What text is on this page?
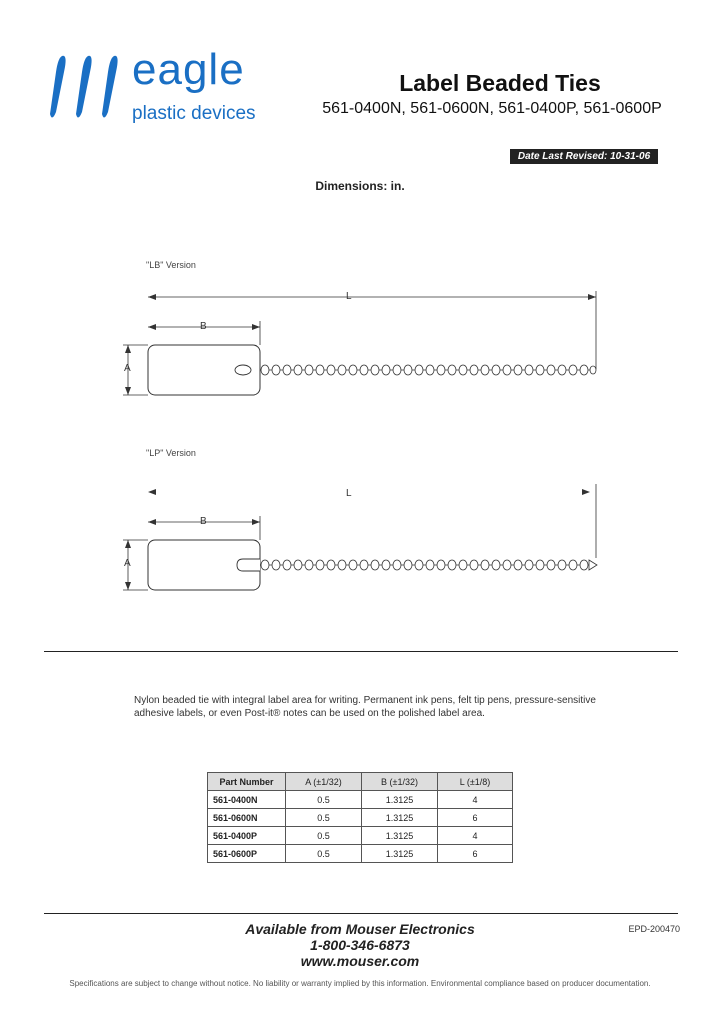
eagle
plastic devices
Label Beaded Ties
561-0400N, 561-0600N, 561-0400P, 561-0600P
Date Last Revised: 10-31-06
Dimensions: in.
"LB" Version
L
B
A
"LP" Version
L
B
A
Nylon beaded tie with integral label area for writing. Permanent ink pens, felt tip pens, pressure-sensitive adhesive labels, or even Post-it® notes can be used on the polished label area.
Part Number	A (±1/32)	B (±1/32)	L (±1/8)
561-0400N	0.5	1.3125	4
561-0600N	0.5	1.3125	6
561-0400P	0.5	1.3125	4
561-0600P	0.5	1.3125	6
Available from Mouser Electronics
1-800-346-6873
www.mouser.com
EPD-200470
Specifications are subject to change without notice. No liability or warranty implied by this information. Environmental compliance based on producer documentation.
